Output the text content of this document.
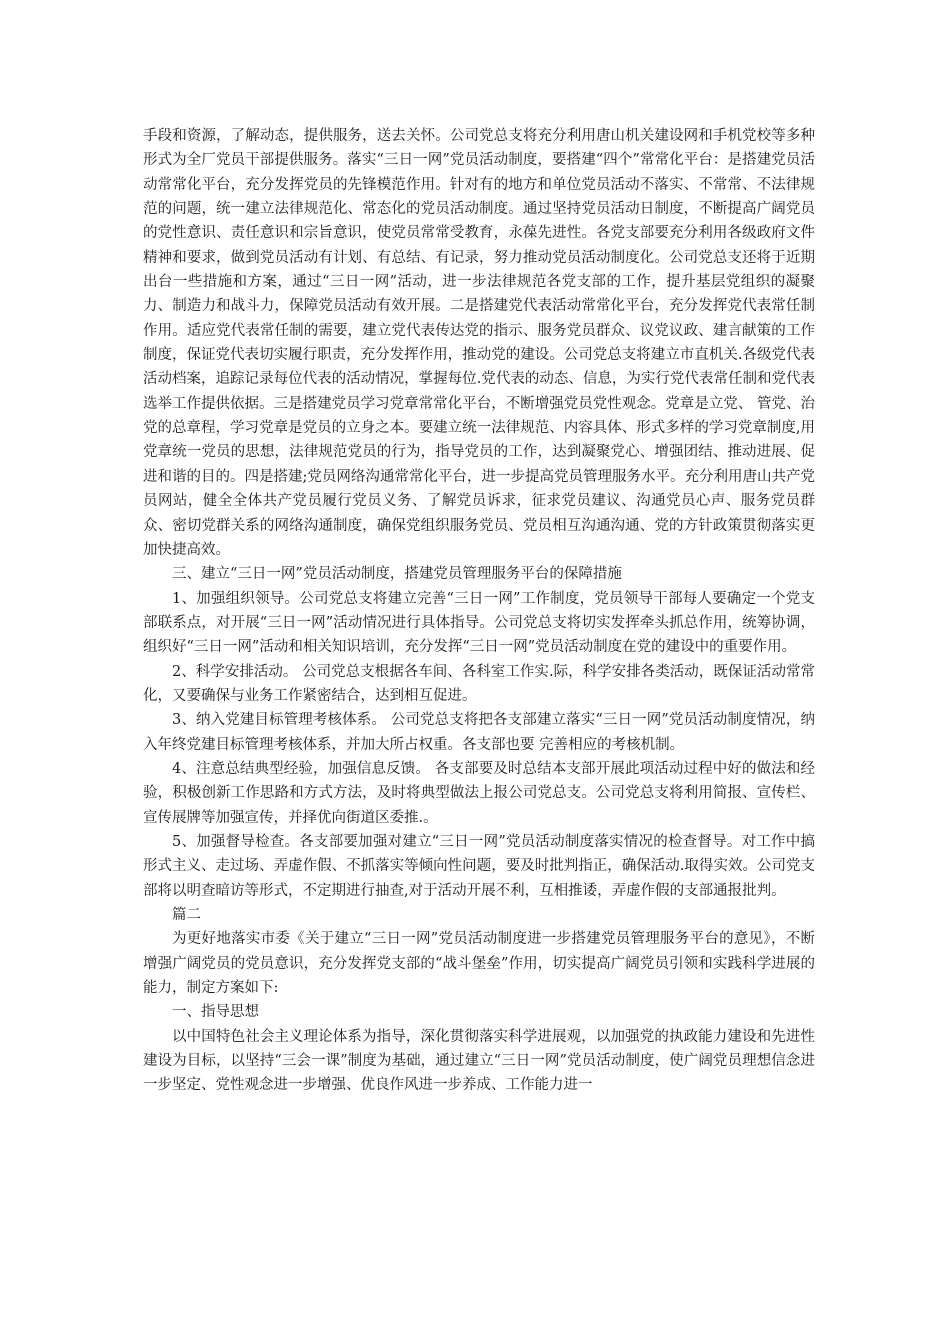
手段和资源，了解动态，提供服务，送去关怀。公司党总支将充分利用唐山机关建设网和手机党校等多种形式为全厂党员干部提供服务。落实“三日一网”党员活动制度，要搭建“四个”常常化平台：是搭建党员活动常常化平台，充分发挥党员的先锋模范作用。针对有的地方和单位党员活动不落实、不常常、不法律规范的问题，统一建立法律规范化、常态化的党员活动制度。通过坚持党员活动日制度，不断提高广阔党员的党性意识、责任意识和宗旨意识，使党员常常受教育，永葆先进性。各党支部要充分利用各级政府文件精神和要求，做到党员活动有计划、有总结、有记录，努力推动党员活动制度化。公司党总支还将于近期出台一些措施和方案，通过“三日一网”活动，进一步法律规范各党支部的工作，提升基层党组织的凝聚力、制造力和战斗力，保障党员活动有效开展。二是搭建党代表活动常常化平台，充分发挥党代表常任制作用。适应党代表常任制的需要，建立党代表传达党的指示、服务党员群众、议党议政、建言献策的工作制度，保证党代表切实履行职责，充分发挥作用，推动党的建设。公司党总支将建立市直机关.各级党代表活动档案，追踪记录每位代表的活动情况，掌握每位.党代表的动态、信息，为实行党代表常任制和党代表选举工作提供依据。三是搭建党员学习党章常常化平台，不断增强党员党性观念。党章是立党、 管党、治党的总章程，学习党章是党员的立身之本。要建立统一法律规范、内容具体、形式多样的学习党章制度,用党章统一党员的思想，法律规范党员的行为，指导党员的工作，达到凝聚党心、增强团结、推动进展、促进和谐的目的。四是搭建;党员网络沟通常常化平台，进一步提高党员管理服务水平。充分利用唐山共产党员网站，健全全体共产党员履行党员义务、了解党员诉求，征求党员建议、沟通党员心声、服务党员群众、密切党群关系的网络沟通制度，确保党组织服务党员、党员相互沟通沟通、党的方针政策贯彻落实更加快捷高效。

三、建立“三日一网”党员活动制度，搭建党员管理服务平台的保障措施

1、加强组织领导。公司党总支将建立完善“三日一网”工作制度，党员领导干部每人要确定一个党支部联系点，对开展“三日一网”活动情况进行具体指导。公司党总支将切实发挥牵头抓总作用，统筹协调，组织好“三日一网”活动和相关知识培训，充分发挥“三日一网”党员活动制度在党的建设中的重要作用。

2、科学安排活动。 公司党总支根据各车间、各科室工作实.际，科学安排各类活动，既保证活动常常化，又要确保与业务工作紧密结合，达到相互促进。

3、纳入党建目标管理考核体系。 公司党总支将把各支部建立落实“三日一网”党员活动制度情况，纳入年终党建目标管理考核体系，并加大所占权重。各支部也要 完善相应的考核机制。

4、注意总结典型经验，加强信息反馈。 各支部要及时总结本支部开展此项活动过程中好的做法和经验，积极创新工作思路和方式方法，及时将典型做法上报公司党总支。公司党总支将利用简报、宣传栏、宣传展牌等加强宣传，并择优向街道区委推.。

5、加强督导检查。各支部要加强对建立“三日一网”党员活动制度落实情况的检查督导。对工作中搞形式主义、走过场、弄虚作假、不抓落实等倾向性问题，要及时批判指正，确保活动.取得实效。公司党支部将以明查暗访等形式，不定期进行抽查,对于活动开展不利，互相推诿，弄虚作假的支部通报批判。

篇二

为更好地落实市委《关于建立“三日一网”党员活动制度进一步搭建党员管理服务平台的意见》，不断增强广阔党员的党员意识，充分发挥党支部的“战斗堡垒”作用，切实提高广阔党员引领和实践科学进展的能力，制定方案如下:

一、指导思想

以中国特色社会主义理论体系为指导，深化贯彻落实科学进展观，以加强党的执政能力建设和先进性建设为目标，以坚持“三会一课”制度为基础，通过建立“三日一网”党员活动制度，使广阔党员理想信念进一步坚定、党性观念进一步增强、优良作风进一步养成、工作能力进一
